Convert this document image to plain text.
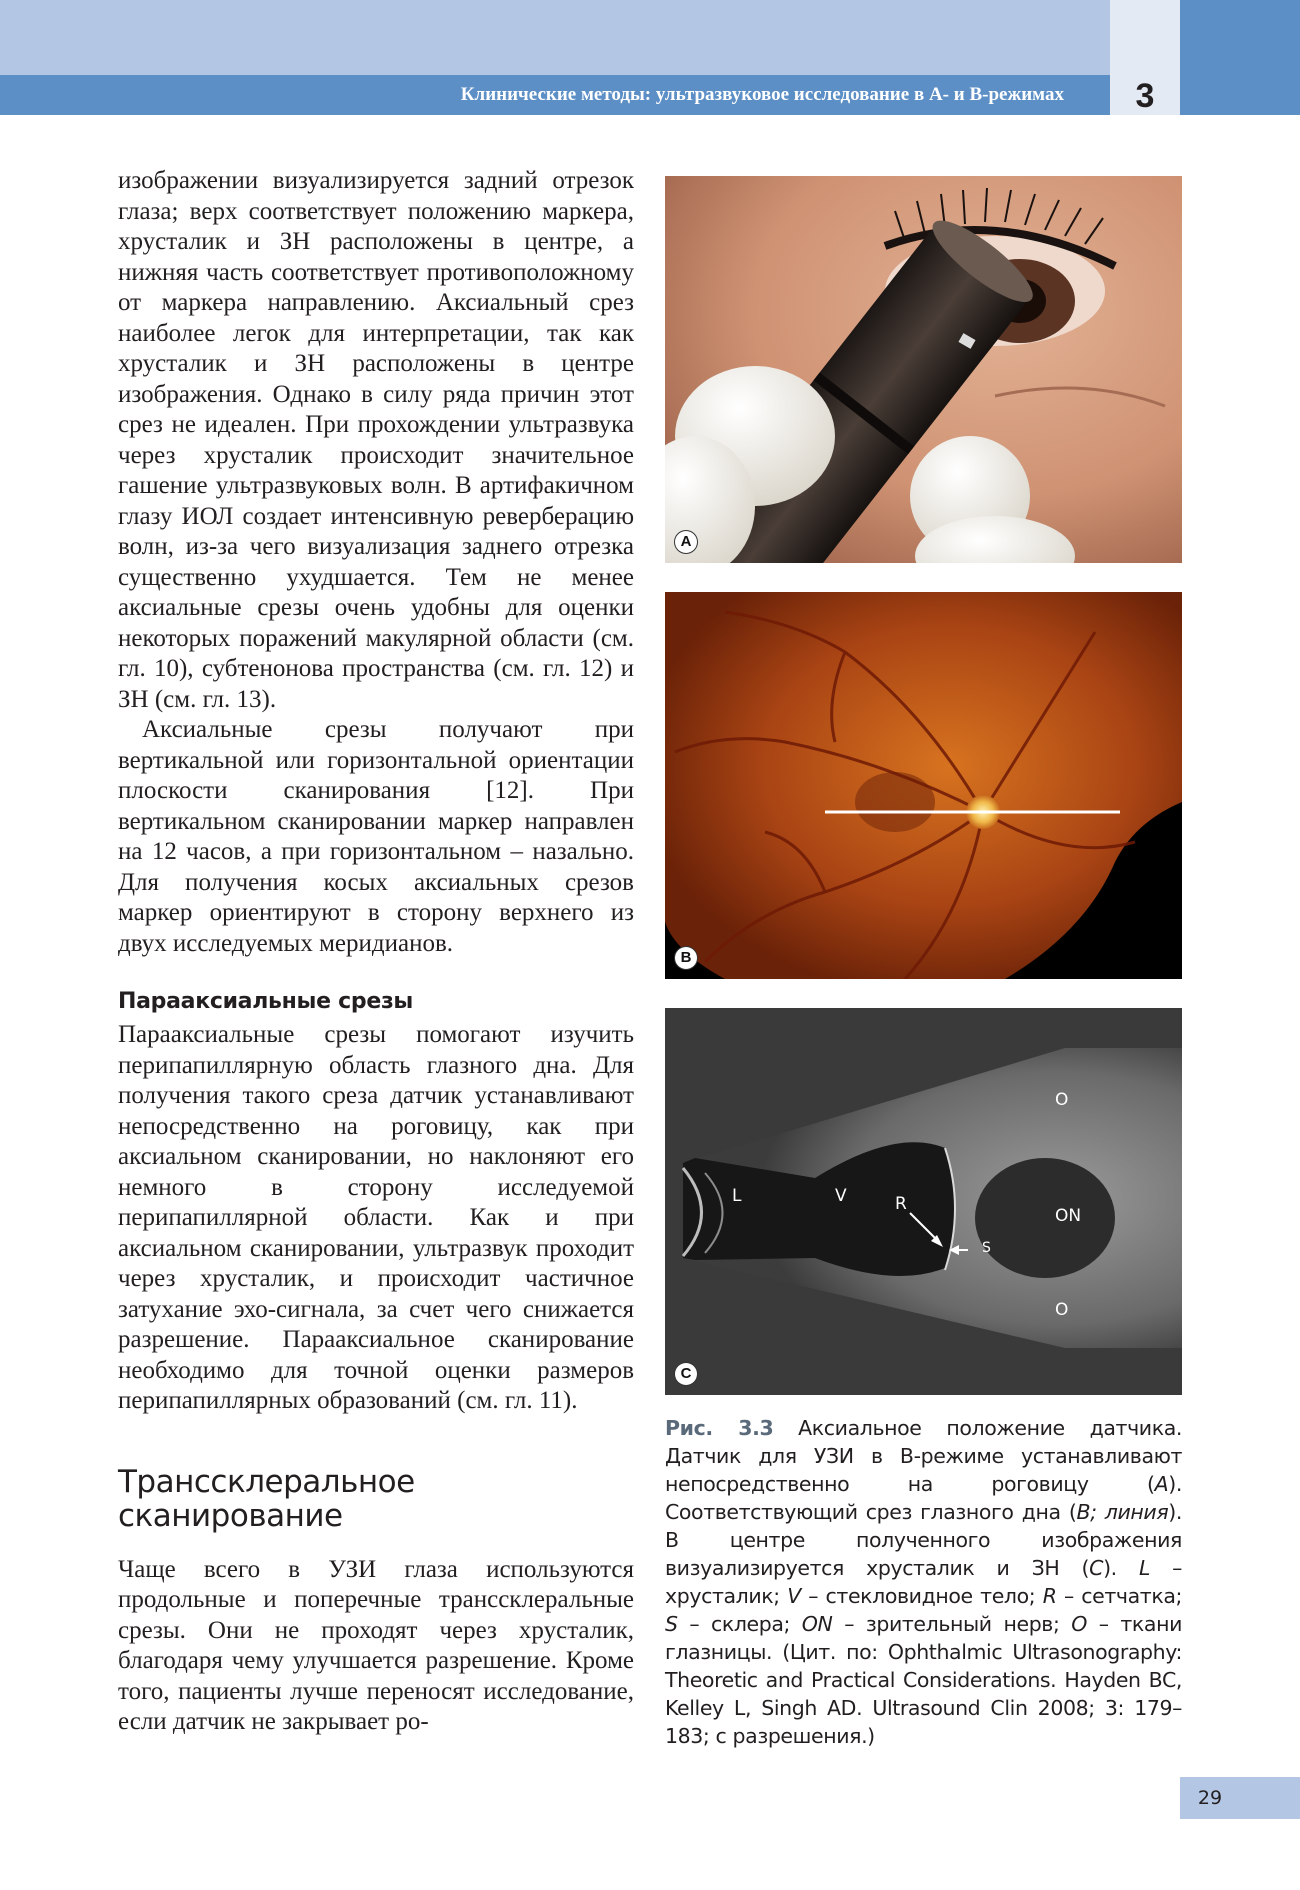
Клинические методы: ультразвуковое исследование в А- и В-режимах	3

изображении визуализируется задний отрезок глаза; верх соответствует положению маркера, хрусталик и ЗН расположены в центре, а нижняя часть соответствует противоположному от маркера направлению. Аксиальный срез наиболее легок для интерпретации, так как хрусталик и ЗН расположены в центре изображения. Однако в силу ряда причин этот срез не идеален. При прохождении ультразвука через хрусталик происходит значительное гашение ультразвуковых волн. В артифакичном глазу ИОЛ создает интенсивную реверберацию волн, из-за чего визуализация заднего отрезка существенно ухудшается. Тем не менее аксиальные срезы очень удобны для оценки некоторых поражений макулярной области (см. гл. 10), субтенонова пространства (см. гл. 12) и ЗН (см. гл. 13).

Аксиальные срезы получают при вертикальной или горизонтальной ориентации плоскости сканирования [12]. При вертикальном сканировании маркер направлен на 12 часов, а при горизонтальном – назально. Для получения косых аксиальных срезов маркер ориентируют в сторону верхнего из двух исследуемых меридианов.

Парааксиальные срезы

Парааксиальные срезы помогают изучить перипапиллярную область глазного дна. Для получения такого среза датчик устанавливают непосредственно на роговицу, как при аксиальном сканировании, но наклоняют его немного в сторону исследуемой перипапиллярной области. Как и при аксиальном сканировании, ультразвук проходит через хрусталик, и происходит частичное затухание эхо-сигнала, за счет чего снижается разрешение. Парааксиальное сканирование необходимо для точной оценки размеров перипапиллярных образований (см. гл. 11).

Транссклеральное
сканирование

Чаще всего в УЗИ глаза используются продольные и поперечные транссклеральные срезы. Они не проходят через хрусталик, благодаря чему улучшается разрешение. Кроме того, пациенты лучше переносят исследование, если датчик не закрывает ро-

A
B
L	V	R
S
O
ON
O
C
Рис. 3.3 Аксиальное положение датчика. Датчик для УЗИ в В-режиме устанавливают непосредственно на роговицу (A). Соответствующий срез глазного дна (B; линия). В центре полученного изображения визуализируется хрусталик и ЗН (C). L – хрусталик; V – стекловидное тело; R – сетчатка; S – склера; ON – зрительный нерв; O – ткани глазницы. (Цит. по: Ophthalmic Ultrasonography: Theoretic and Practical Considerations. Hayden BC, Kelley L, Singh AD. Ultrasound Clin 2008; 3: 179–183; с разрешения.)
29
